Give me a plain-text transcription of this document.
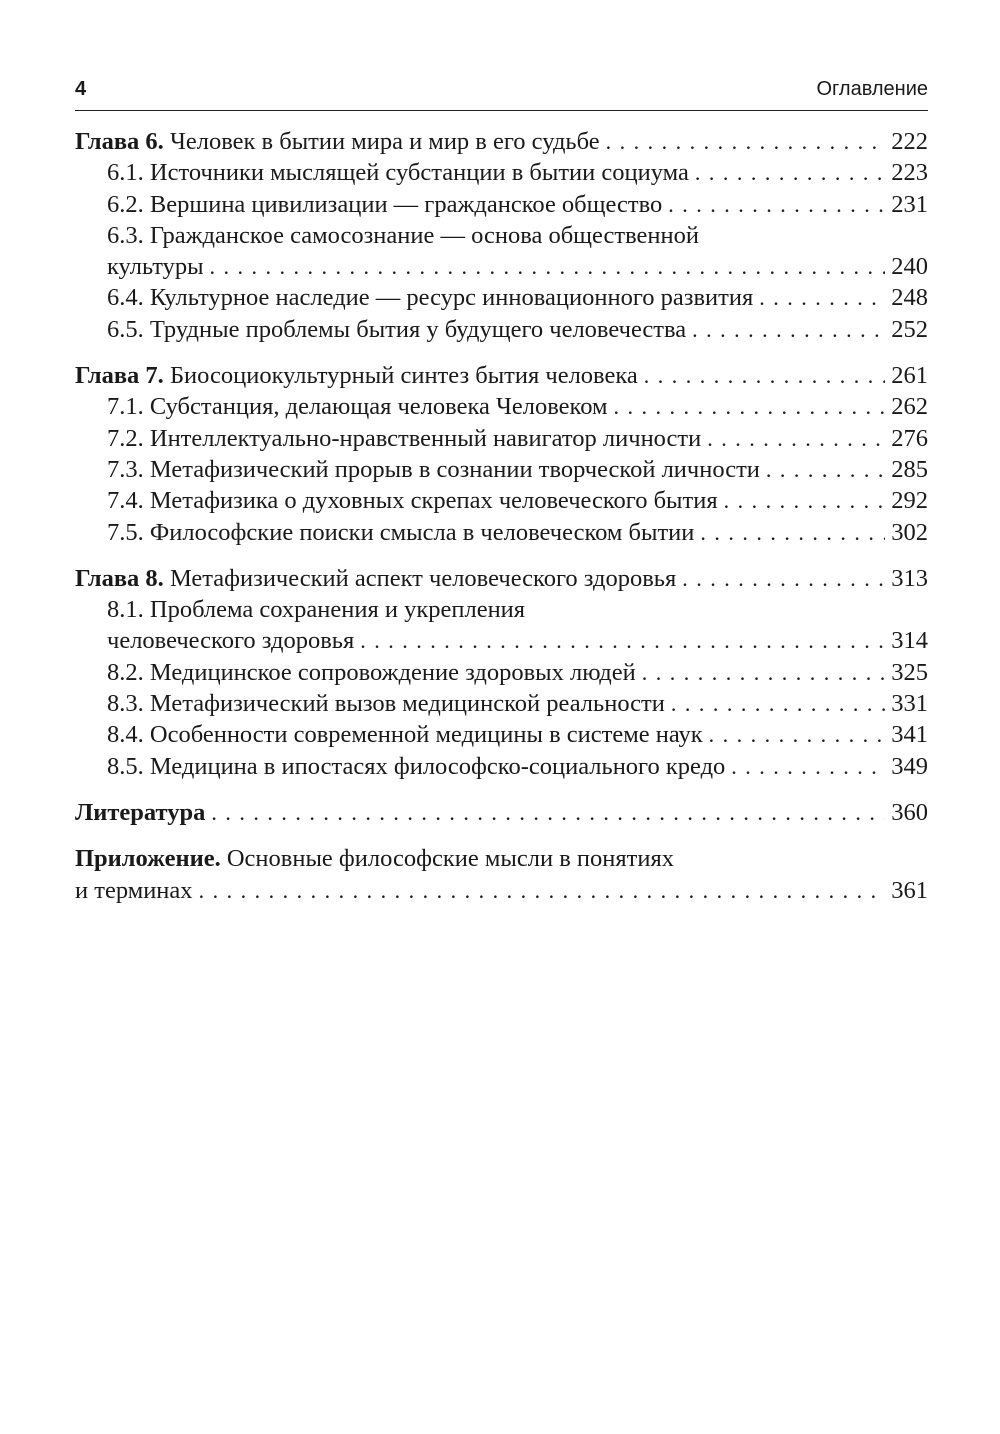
4	Оглавление
Глава 6. Человек в бытии мира и мир в его судьбе . . .	222
6.1. Источники мыслящей субстанции в бытии социума . . .	223
6.2. Вершина цивилизации — гражданское общество . . .	231
6.3. Гражданское самосознание — основа общественной
культуры . . .	240
6.4. Культурное наследие — ресурс инновационного развития . . .	248
6.5. Трудные проблемы бытия у будущего человечества . . .	252
Глава 7. Биосоциокультурный синтез бытия человека . . .	261
7.1. Субстанция, делающая человека Человеком . . .	262
7.2. Интеллектуально-нравственный навигатор личности . . .	276
7.3. Метафизический прорыв в сознании творческой личности . . .	285
7.4. Метафизика о духовных скрепах человеческого бытия . . .	292
7.5. Философские поиски смысла в человеческом бытии . . .	302
Глава 8. Метафизический аспект человеческого здоровья . . .	313
8.1. Проблема сохранения и укрепления
человеческого здоровья . . .	314
8.2. Медицинское сопровождение здоровых людей . . .	325
8.3. Метафизический вызов медицинской реальности . . .	331
8.4. Особенности современной медицины в системе наук . . .	341
8.5. Медицина в ипостасях философско-социального кредо . . .	349
Литература . . .	360
Приложение. Основные философские мысли в понятиях
и терминах . . .	361
